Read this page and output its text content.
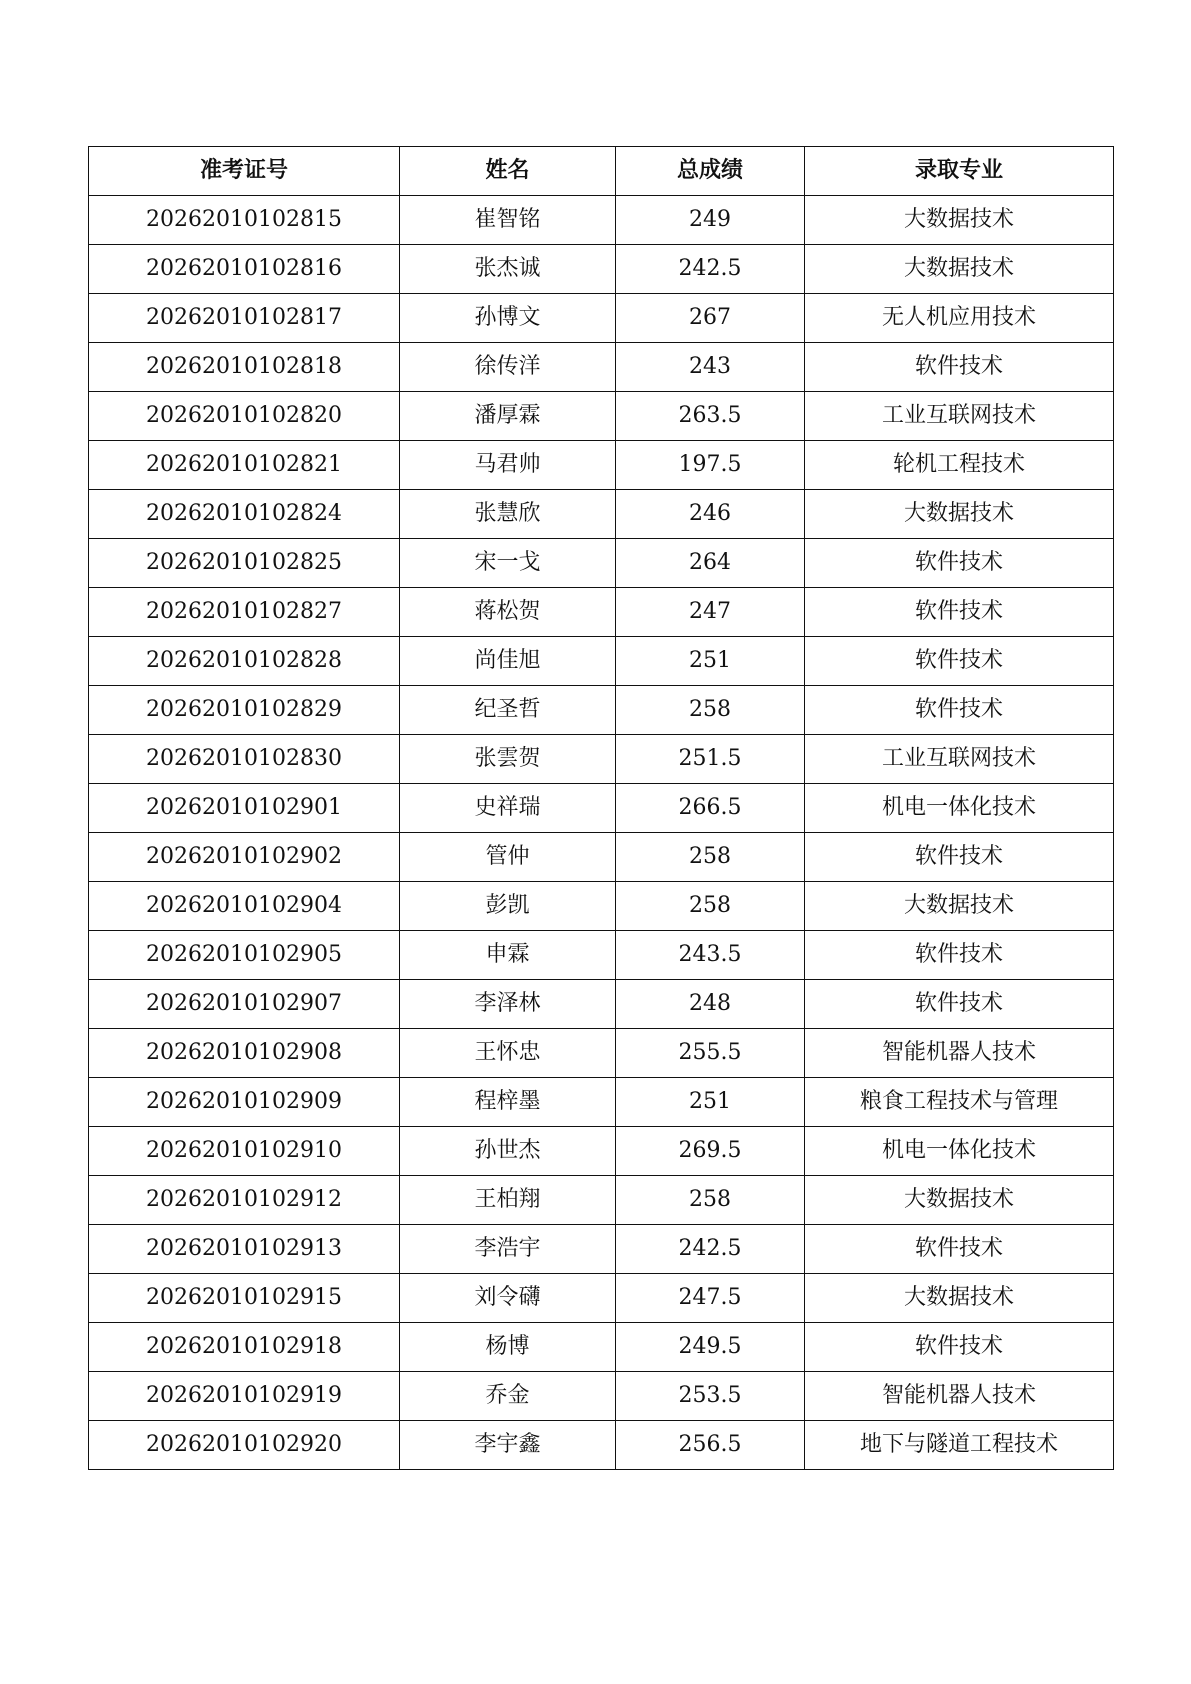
准考证号	姓名	总成绩	录取专业
20262010102815	崔智铭	249	大数据技术
20262010102816	张杰诚	242.5	大数据技术
20262010102817	孙博文	267	无人机应用技术
20262010102818	徐传洋	243	软件技术
20262010102820	潘厚霖	263.5	工业互联网技术
20262010102821	马君帅	197.5	轮机工程技术
20262010102824	张慧欣	246	大数据技术
20262010102825	宋一戈	264	软件技术
20262010102827	蒋松贺	247	软件技术
20262010102828	尚佳旭	251	软件技术
20262010102829	纪圣哲	258	软件技术
20262010102830	张雲贺	251.5	工业互联网技术
20262010102901	史祥瑞	266.5	机电一体化技术
20262010102902	管仲	258	软件技术
20262010102904	彭凯	258	大数据技术
20262010102905	申霖	243.5	软件技术
20262010102907	李泽林	248	软件技术
20262010102908	王怀忠	255.5	智能机器人技术
20262010102909	程梓墨	251	粮食工程技术与管理
20262010102910	孙世杰	269.5	机电一体化技术
20262010102912	王柏翔	258	大数据技术
20262010102913	李浩宇	242.5	软件技术
20262010102915	刘令礴	247.5	大数据技术
20262010102918	杨博	249.5	软件技术
20262010102919	乔金	253.5	智能机器人技术
20262010102920	李宇鑫	256.5	地下与隧道工程技术
